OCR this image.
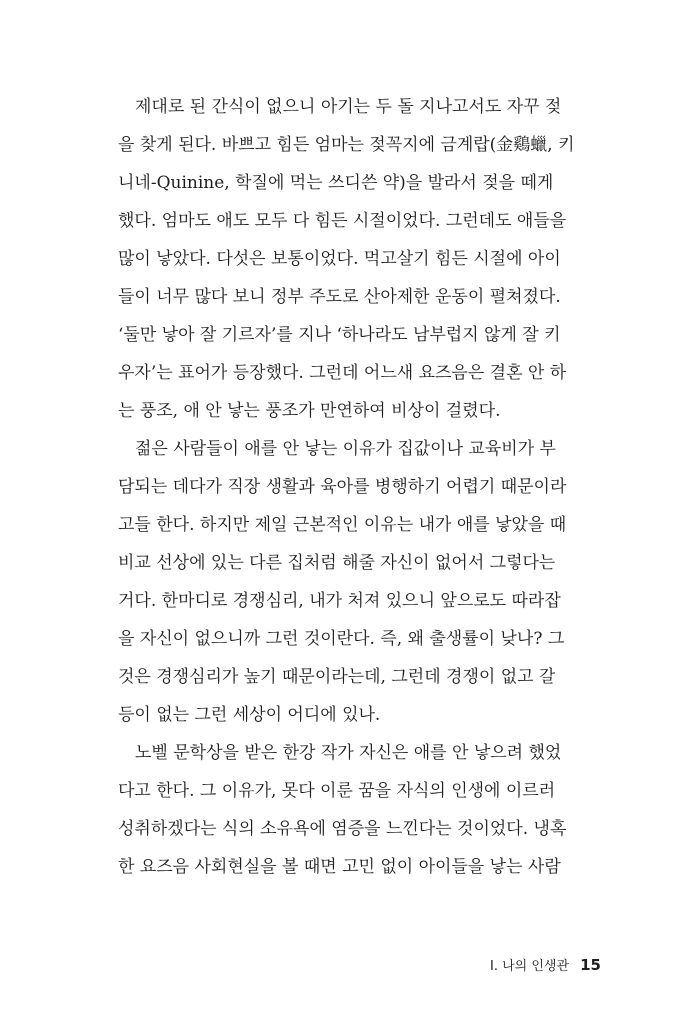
제대로 된 간식이 없으니 아기는 두 돌 지나고서도 자꾸 젖
을 찾게 된다. 바쁘고 힘든 엄마는 젖꼭지에 금계랍(金鷄蠟, 키
니네-Quinine, 학질에 먹는 쓰디쓴 약)을 발라서 젖을 떼게
했다. 엄마도 애도 모두 다 힘든 시절이었다. 그런데도 애들을
많이 낳았다. 다섯은 보통이었다. 먹고살기 힘든 시절에 아이
들이 너무 많다 보니 정부 주도로 산아제한 운동이 펼쳐졌다.
‘둘만 낳아 잘 기르자’를 지나 ‘하나라도 남부럽지 않게 잘 키
우자’는 표어가 등장했다. 그런데 어느새 요즈음은 결혼 안 하
는 풍조, 애 안 낳는 풍조가 만연하여 비상이 걸렸다.
젊은 사람들이 애를 안 낳는 이유가 집값이나 교육비가 부
담되는 데다가 직장 생활과 육아를 병행하기 어렵기 때문이라
고들 한다. 하지만 제일 근본적인 이유는 내가 애를 낳았을 때
비교 선상에 있는 다른 집처럼 해줄 자신이 없어서 그렇다는
거다. 한마디로 경쟁심리, 내가 처져 있으니 앞으로도 따라잡
을 자신이 없으니까 그런 것이란다. 즉, 왜 출생률이 낮나? 그
것은 경쟁심리가 높기 때문이라는데, 그런데 경쟁이 없고 갈
등이 없는 그런 세상이 어디에 있나.
노벨 문학상을 받은 한강 작가 자신은 애를 안 낳으려 했었
다고 한다. 그 이유가, 못다 이룬 꿈을 자식의 인생에 이르러
성취하겠다는 식의 소유욕에 염증을 느낀다는 것이었다. 냉혹
한 요즈음 사회현실을 볼 때면 고민 없이 아이들을 낳는 사람
Ⅰ. 나의 인생관 15
